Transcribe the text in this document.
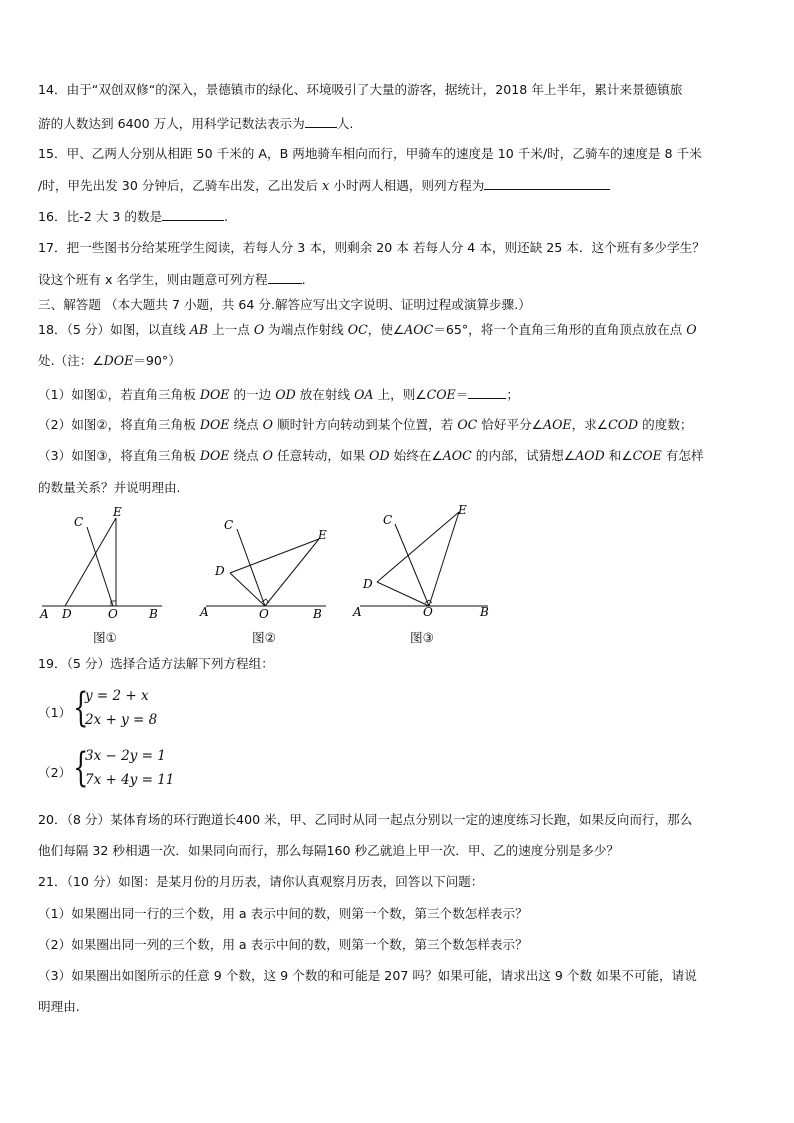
14．由于“双创双修“的深入，景德镇市的绿化、环境吸引了大量的游客，据统计，2018 年上半年，累计来景德镇旅
游的人数达到 6400 万人，用科学记数法表示为	人.
15．甲、乙两人分别从相距 50 千米的 A，B 两地骑车相向而行，甲骑车的速度是 10 千米/时，乙骑车的速度是 8 千米
/时，甲先出发 30 分钟后，乙骑车出发，乙出发后 x 小时两人相遇，则列方程为
16．比-2 大 3 的数是	.
17．把一些图书分给某班学生阅读，若每人分 3 本，则剩余 20 本 若每人分 4 本，则还缺 25 本．这个班有多少学生？
设这个班有 x 名学生，则由题意可列方程	.
三、解答题 （本大题共 7 小题，共 64 分.解答应写出文字说明、证明过程或演算步骤.）
18．（5 分）如图，以直线 AB 上一点 O 为端点作射线 OC，使∠AOC＝65°，将一个直角三角形的直角顶点放在点 O
处.（注：∠DOE＝90°）
（1）如图①，若直角三角板 DOE 的一边 OD 放在射线 OA 上，则∠COE＝	；
（2）如图②，将直角三角板 DOE 绕点 O 顺时针方向转动到某个位置，若 OC 恰好平分∠AOE，求∠COD 的度数；
（3）如图③，将直角三角板 DOE 绕点 O 任意转动，如果 OD 始终在∠AOC 的内部，试猜想∠AOD 和∠COE 有怎样
的数量关系？并说明理由.
C
E
A D	O	B
图①
C
E
D
A	O	B
图②
C
E
D
A	O	B
图③
19．（5 分）选择合适方法解下列方程组：
（1） {
y = 2 + x
2x + y = 8
（2） {
3x − 2y = 1
7x + 4y = 11
20．（8 分）某体育场的环行跑道长400 米，甲、乙同时从同一起点分别以一定的速度练习长跑，如果反向而行，那么
他们每隔 32 秒相遇一次．如果同向而行，那么每隔160 秒乙就追上甲一次．甲、乙的速度分别是多少？
21．（10 分）如图：是某月份的月历表，请你认真观察月历表，回答以下问题：
（1）如果圈出同一行的三个数，用 a 表示中间的数，则第一个数，第三个数怎样表示？
（2）如果圈出同一列的三个数，用 a 表示中间的数，则第一个数，第三个数怎样表示？
（3）如果圈出如图所示的任意 9 个数，这 9 个数的和可能是 207 吗？如果可能，请求出这 9 个数 如果不可能，请说
明理由.
